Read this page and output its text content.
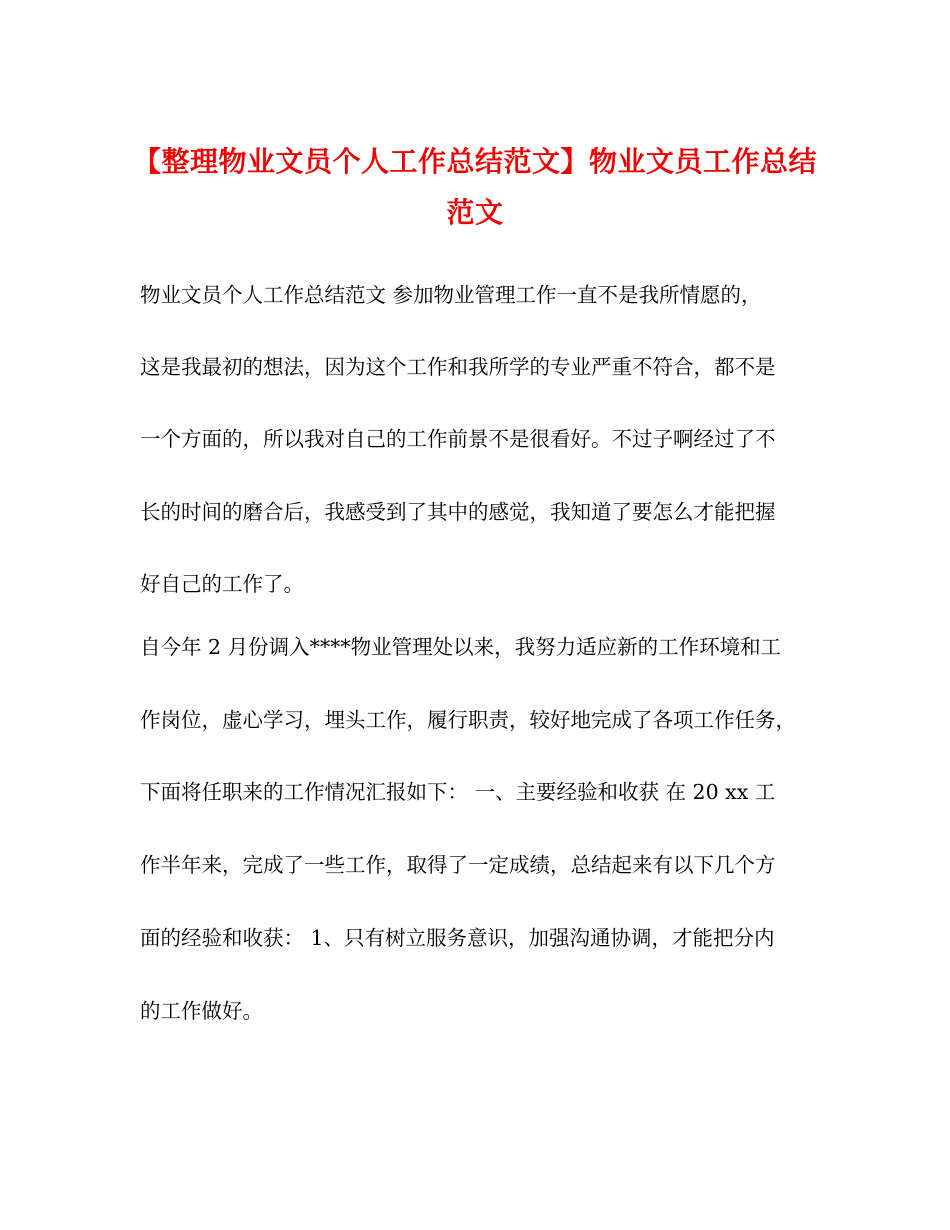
【整理物业文员个人工作总结范文】物业文员工作总结
范文

物业文员个人工作总结范文 参加物业管理工作一直不是我所情愿的，

这是我最初的想法，因为这个工作和我所学的专业严重不符合，都不是

一个方面的，所以我对自己的工作前景不是很看好。不过子啊经过了不

长的时间的磨合后，我感受到了其中的感觉，我知道了要怎么才能把握

好自己的工作了。

自今年 2 月份调入****物业管理处以来，我努力适应新的工作环境和工

作岗位，虚心学习，埋头工作，履行职责，较好地完成了各项工作任务，

下面将任职来的工作情况汇报如下： 一、主要经验和收获 在 20 xx 工

作半年来，完成了一些工作，取得了一定成绩，总结起来有以下几个方

面的经验和收获： 1、只有树立服务意识，加强沟通协调，才能把分内

的工作做好。
